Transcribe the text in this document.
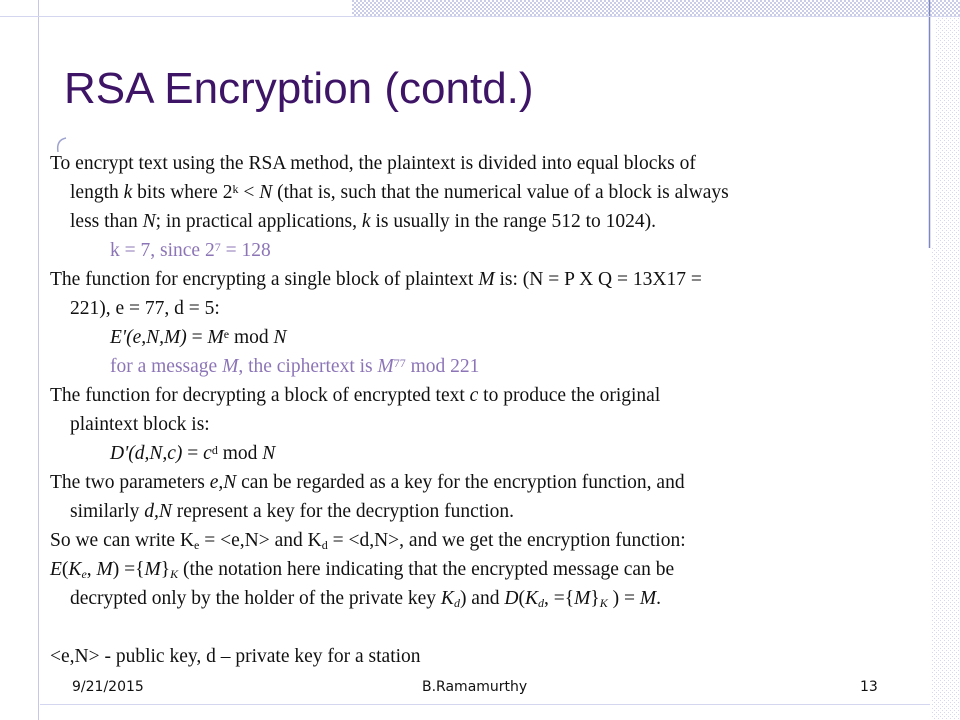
RSA Encryption (contd.)
To encrypt text using the RSA method, the plaintext is divided into equal blocks of
length k bits where $2^k < N$ (that is, such that the numerical value of a block is always
less than N; in practical applications, k is usually in the range 512 to 1024).
k = 7, since $2^7 = 128$
The function for encrypting a single block of plaintext M is: (N = P X Q = 13X17 =
221), e = 77, d = 5:
$E'(e,N,M) = M^e$ mod N
for a message M, the ciphertext is $M^{77}$ mod 221
The function for decrypting a block of encrypted text c to produce the original
plaintext block is:
$D'(d,N,c) = c^d$ mod N
The two parameters e,N can be regarded as a key for the encryption function, and
similarly d,N represent a key for the decryption function.
So we can write $K_e = <e,N>$ and $K_d = <d,N>$, and we get the encryption function:
$E(K_e$, $M) =\{M\}_K$ (the notation here indicating that the encrypted message can be
decrypted only by the holder of the private key $K_d$) and $D(K_d$, $=\{M\}_K$ ) = M.
<e,N> - public key, d – private key for a station
9/21/2015	B.Ramamurthy	13
